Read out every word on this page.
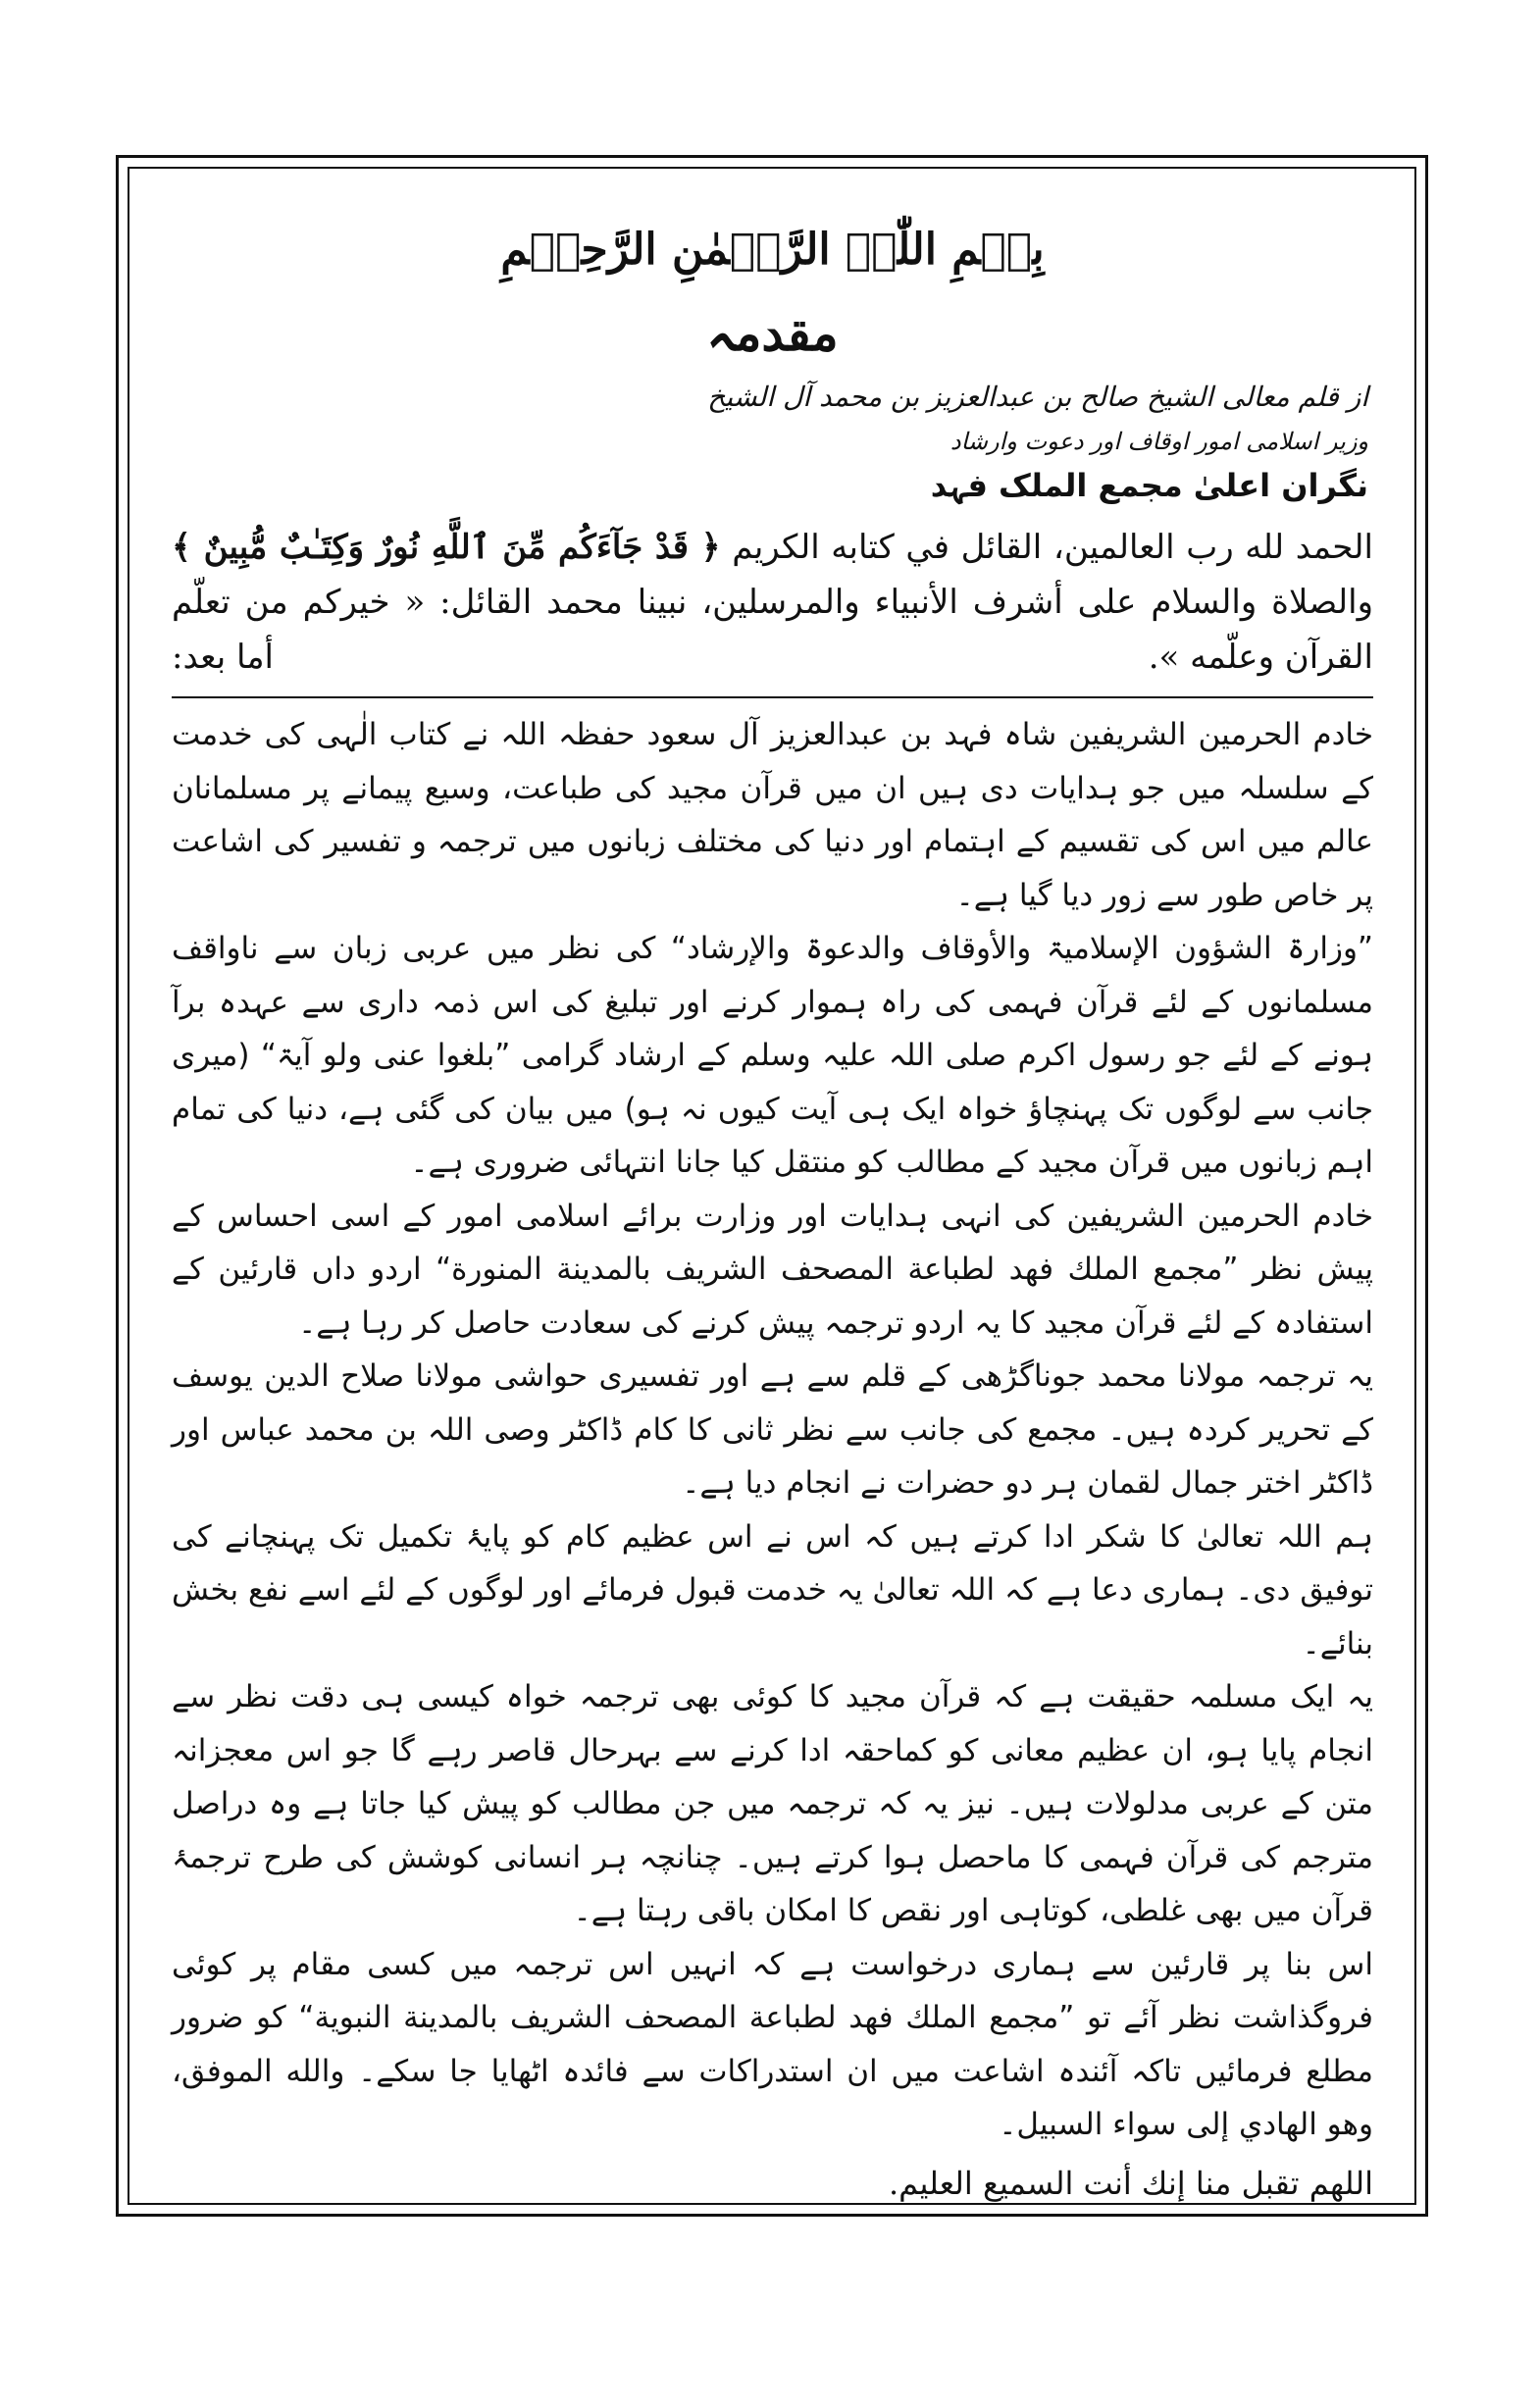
بِسۡمِ اللّٰہِ الرَّحۡمٰنِ الرَّحِیۡمِ
مقدمہ
از قلم معالی الشیخ صالح بن عبدالعزیز بن محمد آل الشیخ
وزیر اسلامی امور اوقاف اور دعوت وارشاد
نگران اعلیٰ مجمع الملک فہد
الحمد لله رب العالمين، القائل في كتابه الكريم ﴿ قَدْ جَآءَكُم مِّنَ ٱللَّهِ نُورٌ وَكِتَـٰبٌ مُّبِينٌ ﴾ والصلاة والسلام على أشرف الأنبياء والمرسلين، نبينا محمد القائل: « خيركم من تعلّم القرآن وعلّمه ».
أما بعد:

خادم الحرمین الشریفین شاہ فہد بن عبدالعزیز آل سعود حفظہ اللہ نے کتاب الٰہی کی خدمت کے سلسلہ میں جو ہدایات دی ہیں ان میں قرآن مجید کی طباعت، وسیع پیمانے پر مسلمانان عالم میں اس کی تقسیم کے اہتمام اور دنیا کی مختلف زبانوں میں ترجمہ و تفسیر کی اشاعت پر خاص طور سے زور دیا گیا ہے۔

”وزارۃ الشؤون الإسلامیۃ والأوقاف والدعوۃ والإرشاد“ کی نظر میں عربی زبان سے ناواقف مسلمانوں کے لئے قرآن فہمی کی راہ ہموار کرنے اور تبلیغ کی اس ذمہ داری سے عہدہ برآ ہونے کے لئے جو رسول اکرم صلی اللہ علیہ وسلم کے ارشاد گرامی ”بلغوا عنی ولو آیۃ“ (میری جانب سے لوگوں تک پہنچاؤ خواہ ایک ہی آیت کیوں نہ ہو) میں بیان کی گئی ہے، دنیا کی تمام اہم زبانوں میں قرآن مجید کے مطالب کو منتقل کیا جانا انتہائی ضروری ہے۔

خادم الحرمین الشریفین کی انہی ہدایات اور وزارت برائے اسلامی امور کے اسی احساس کے پیش نظر ”مجمع الملك فهد لطباعة المصحف الشريف بالمدينة المنورة“ اردو داں قارئین کے استفادہ کے لئے قرآن مجید کا یہ اردو ترجمہ پیش کرنے کی سعادت حاصل کر رہا ہے۔

یہ ترجمہ مولانا محمد جوناگڑھی کے قلم سے ہے اور تفسیری حواشی مولانا صلاح الدین یوسف کے تحریر کردہ ہیں۔ مجمع کی جانب سے نظر ثانی کا کام ڈاکٹر وصی اللہ بن محمد عباس اور ڈاکٹر اختر جمال لقمان ہر دو حضرات نے انجام دیا ہے۔

ہم اللہ تعالیٰ کا شکر ادا کرتے ہیں کہ اس نے اس عظیم کام کو پایۂ تکمیل تک پہنچانے کی توفیق دی۔ ہماری دعا ہے کہ اللہ تعالیٰ یہ خدمت قبول فرمائے اور لوگوں کے لئے اسے نفع بخش بنائے۔

یہ ایک مسلمہ حقیقت ہے کہ قرآن مجید کا کوئی بھی ترجمہ خواہ کیسی ہی دقت نظر سے انجام پایا ہو، ان عظیم معانی کو کماحقہ ادا کرنے سے بہرحال قاصر رہے گا جو اس معجزانہ متن کے عربی مدلولات ہیں۔ نیز یہ کہ ترجمہ میں جن مطالب کو پیش کیا جاتا ہے وہ دراصل مترجم کی قرآن فہمی کا ماحصل ہوا کرتے ہیں۔ چنانچہ ہر انسانی کوشش کی طرح ترجمۂ قرآن میں بھی غلطی، کوتاہی اور نقص کا امکان باقی رہتا ہے۔

اس بنا پر قارئین سے ہماری درخواست ہے کہ انہیں اس ترجمہ میں کسی مقام پر کوئی فروگذاشت نظر آئے تو ”مجمع الملك فهد لطباعة المصحف الشريف بالمدينة النبوية“ کو ضرور مطلع فرمائیں تاکہ آئندہ اشاعت میں ان استدراکات سے فائدہ اٹھایا جا سکے۔ والله الموفق، وهو الهادي إلى سواء السبيل۔

اللهم تقبل منا إنك أنت السميع العليم.
